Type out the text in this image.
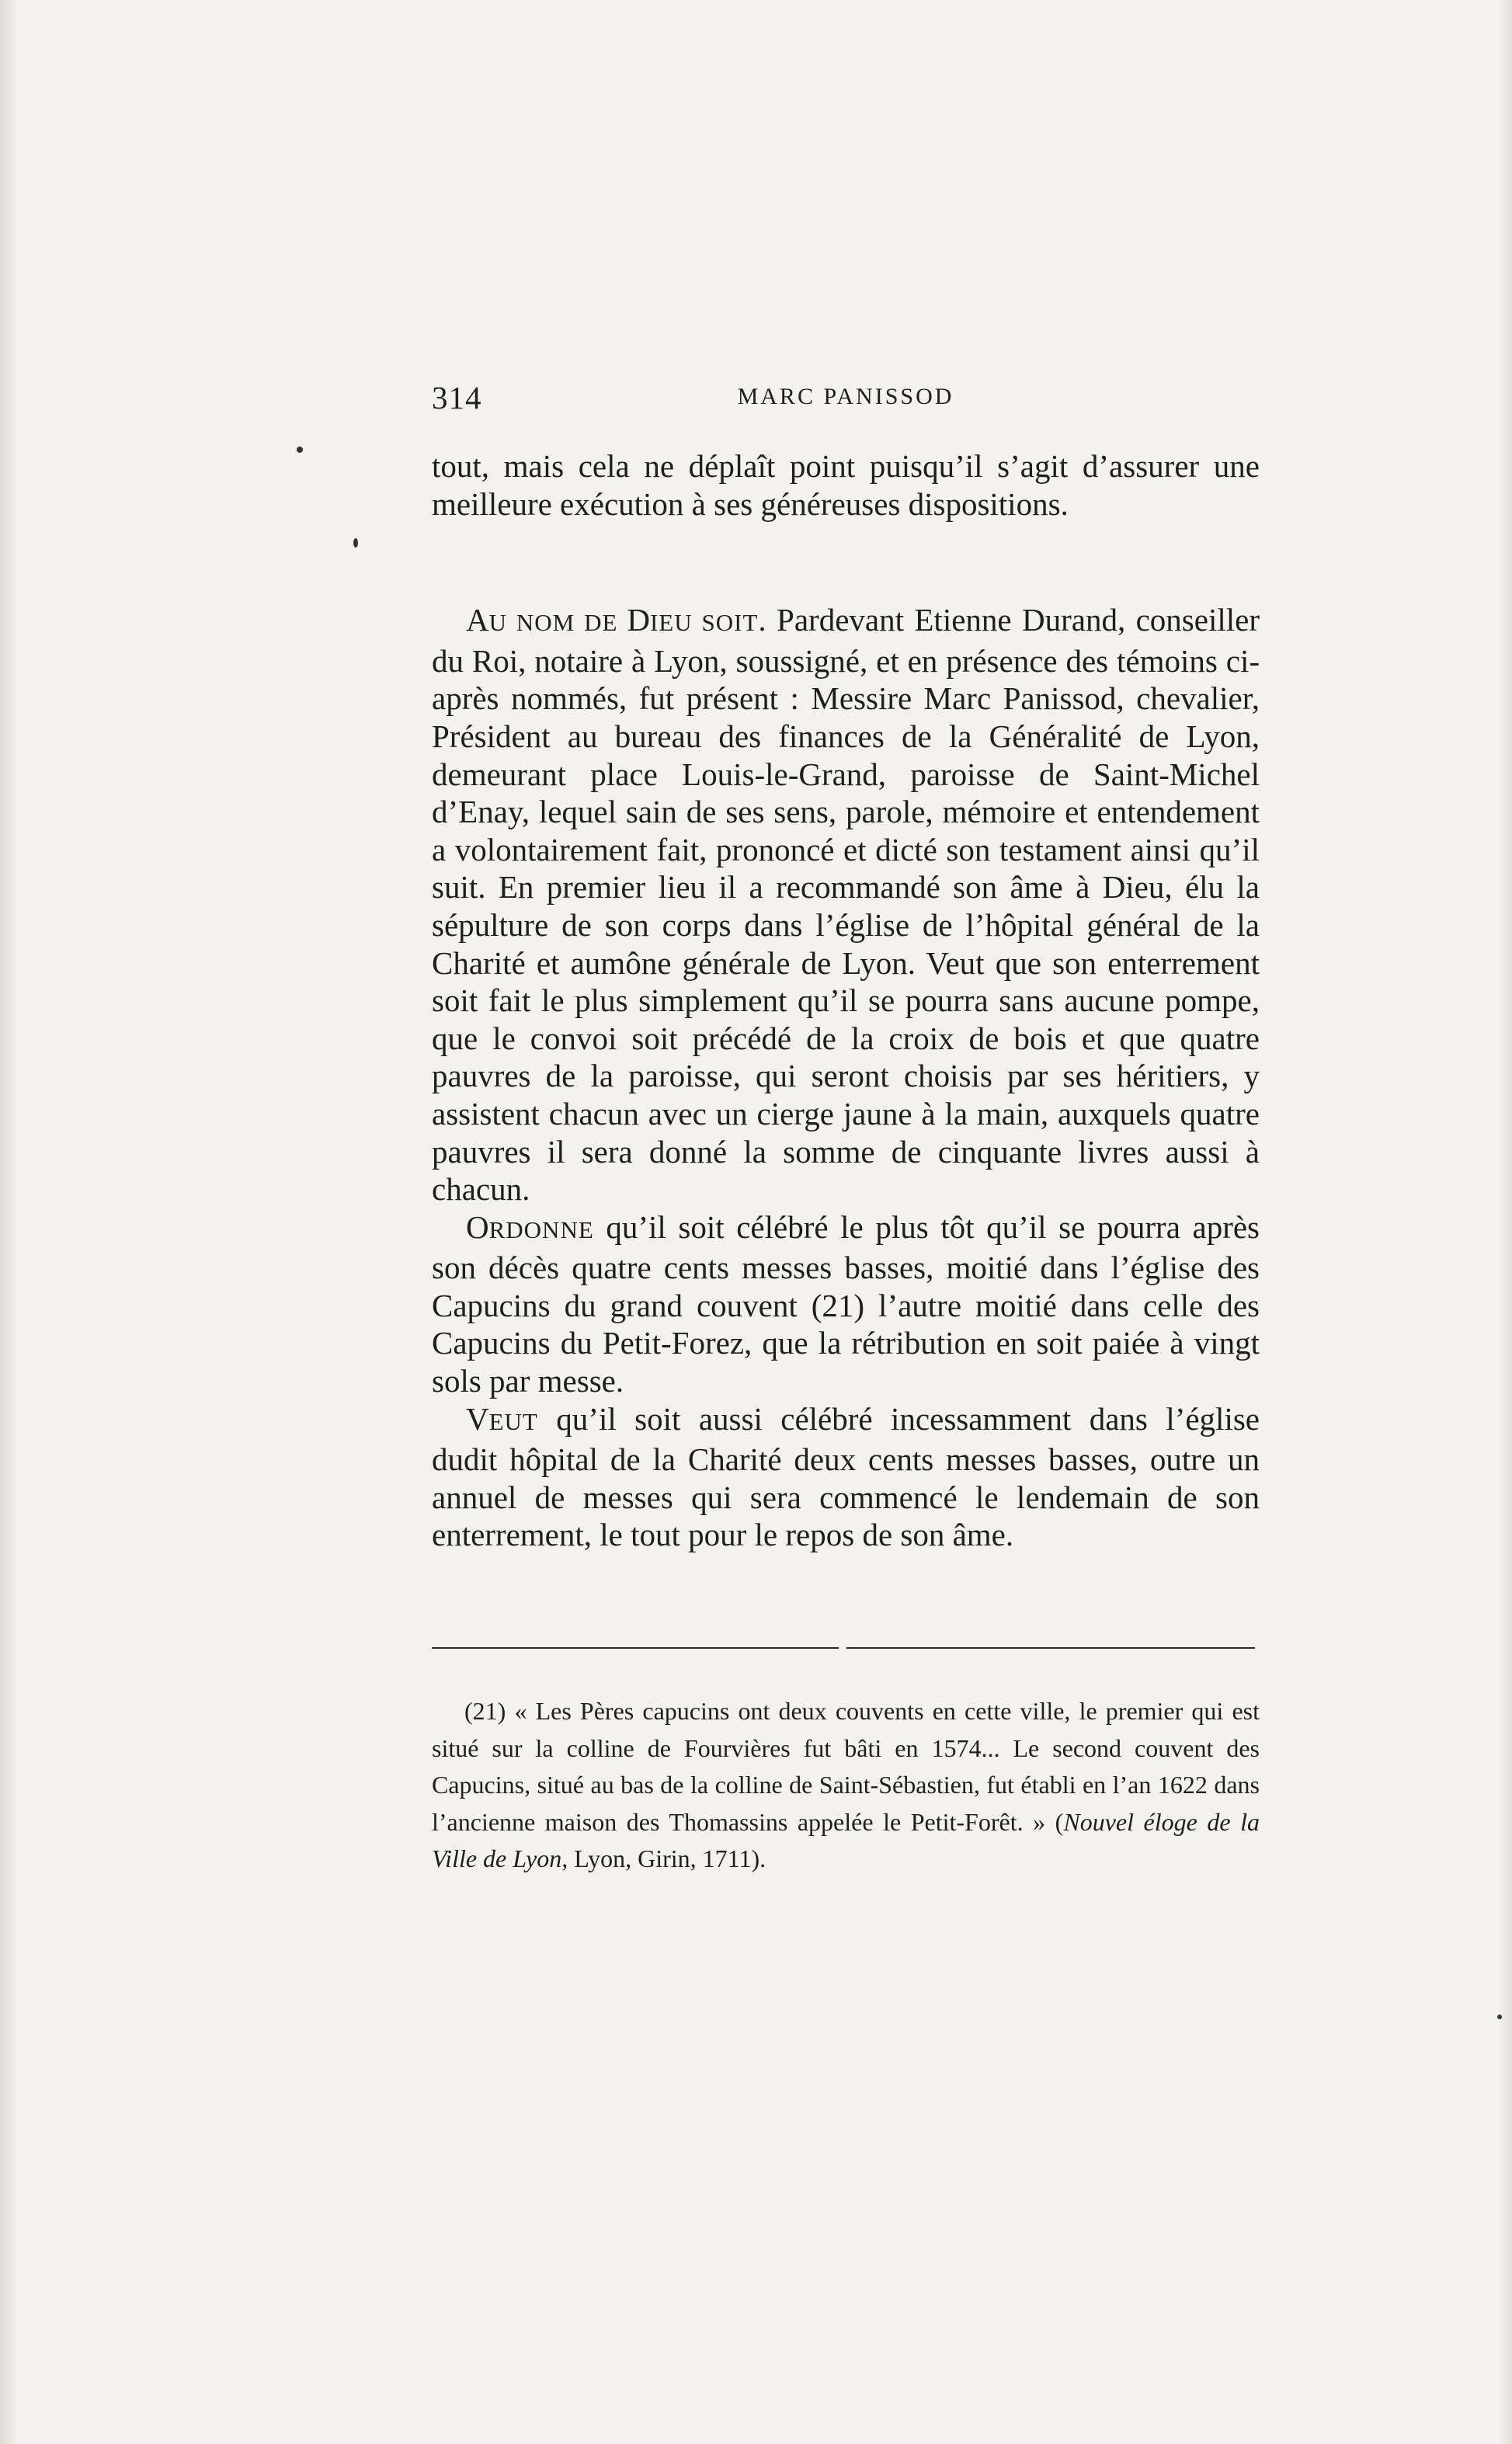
314	MARC PANISSOD

tout, mais cela ne déplaît point puisqu’il s’agit d’assurer une meilleure exécution à ses généreuses dispositions.

AU NOM DE DIEU SOIT. Pardevant Etienne Durand, conseiller du Roi, notaire à Lyon, soussigné, et en présence des témoins ci-après nommés, fut présent : Messire Marc Panissod, chevalier, Président au bureau des finances de la Généralité de Lyon, demeurant place Louis-le-Grand, paroisse de Saint-Michel d’Enay, lequel sain de ses sens, parole, mémoire et entendement a volontairement fait, prononcé et dicté son testament ainsi qu’il suit. En premier lieu il a recommandé son âme à Dieu, élu la sépulture de son corps dans l’église de l’hôpital général de la Charité et aumône générale de Lyon. Veut que son enterrement soit fait le plus simplement qu’il se pourra sans aucune pompe, que le convoi soit précédé de la croix de bois et que quatre pauvres de la paroisse, qui seront choisis par ses héritiers, y assistent chacun avec un cierge jaune à la main, auxquels quatre pauvres il sera donné la somme de cinquante livres aussi à chacun.

ORDONNE qu’il soit célébré le plus tôt qu’il se pourra après son décès quatre cents messes basses, moitié dans l’église des Capucins du grand couvent (21) l’autre moitié dans celle des Capucins du Petit-Forez, que la rétribution en soit paiée à vingt sols par messe.

VEUT qu’il soit aussi célébré incessamment dans l’église dudit hôpital de la Charité deux cents messes basses, outre un annuel de messes qui sera commencé le lendemain de son enterrement, le tout pour le repos de son âme.

(21) « Les Pères capucins ont deux couvents en cette ville, le premier qui est situé sur la colline de Fourvières fut bâti en 1574... Le second couvent des Capucins, situé au bas de la colline de Saint-Sébastien, fut établi en l’an 1622 dans l’ancienne maison des Thomassins appelée le Petit-Forêt. » (Nouvel éloge de la Ville de Lyon, Lyon, Girin, 1711).
